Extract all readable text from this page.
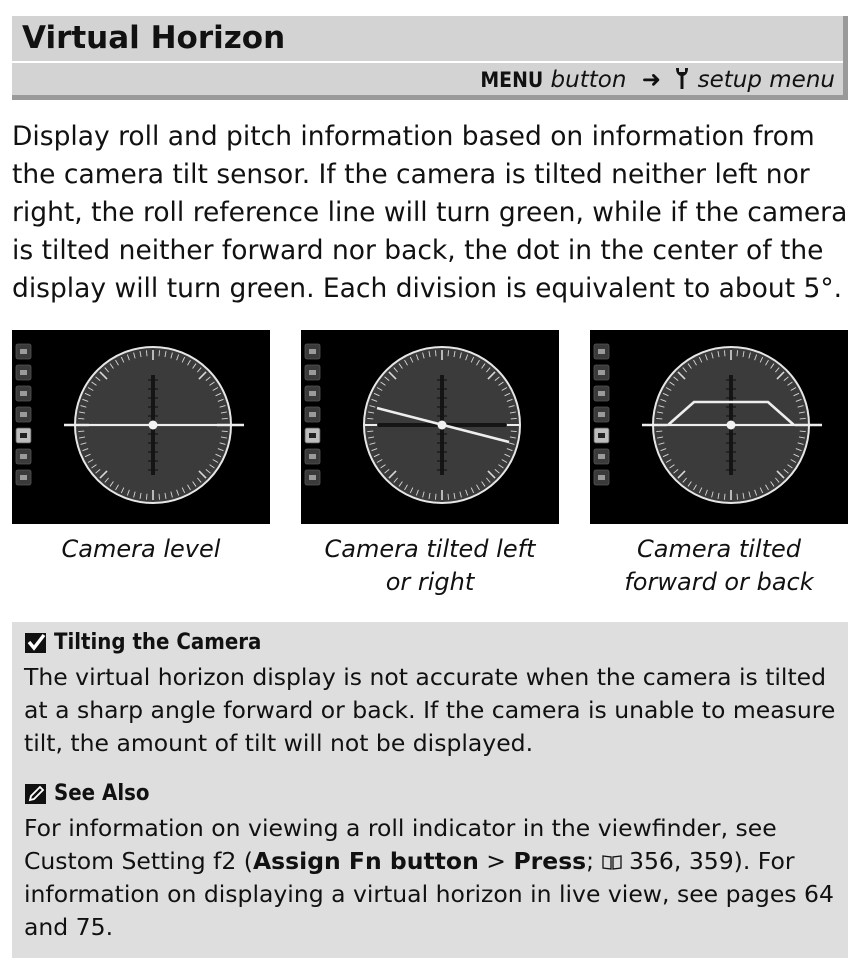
Virtual Horizon
MENU button ➜ setup menu

Display roll and pitch information based on information from the camera tilt sensor. If the camera is tilted neither left nor right, the roll reference line will turn green, while if the camera is tilted neither forward nor back, the dot in the center of the display will turn green. Each division is equivalent to about 5°.

Camera level	Camera tilted left or right
Camera tilted forward or back
Tilting the Camera

The virtual horizon display is not accurate when the camera is tilted at a sharp angle forward or back. If the camera is unable to measure tilt, the amount of tilt will not be displayed.

See Also

For information on viewing a roll indicator in the viewfinder, see Custom Setting f2 (Assign Fn button > Press;  356, 359). For information on displaying a virtual horizon in live view, see pages 64 and 75.
